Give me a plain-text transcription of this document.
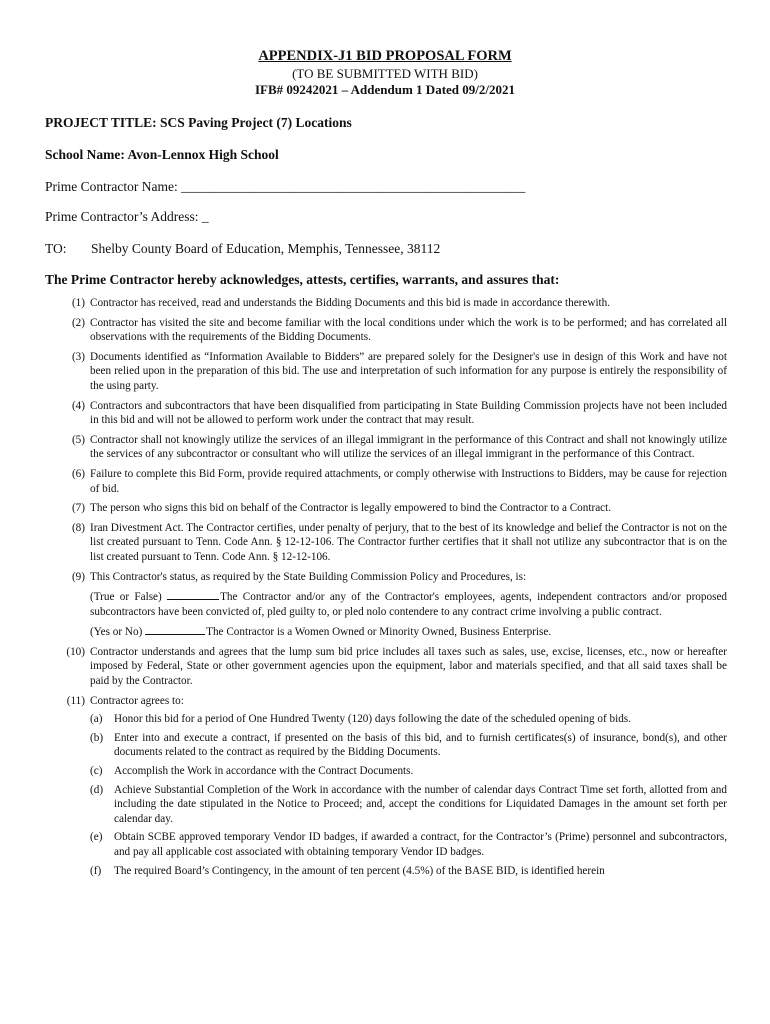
APPENDIX-J1 BID PROPOSAL FORM
(TO BE SUBMITTED WITH BID)
IFB# 09242021 – Addendum 1 Dated 09/2/2021
PROJECT TITLE: SCS Paving Project (7) Locations
School Name: Avon-Lennox High School
Prime Contractor Name: ___________________________________________________
Prime Contractor’s Address: _
TO: Shelby County Board of Education, Memphis, Tennessee, 38112
The Prime Contractor hereby acknowledges, attests, certifies, warrants, and assures that:
(1) Contractor has received, read and understands the Bidding Documents and this bid is made in accordance therewith.
(2) Contractor has visited the site and become familiar with the local conditions under which the work is to be performed; and has correlated all observations with the requirements of the Bidding Documents.
(3) Documents identified as “Information Available to Bidders” are prepared solely for the Designer's use in design of this Work and have not been relied upon in the preparation of this bid. The use and interpretation of such information for any purpose is entirely the responsibility of the using party.
(4) Contractors and subcontractors that have been disqualified from participating in State Building Commission projects have not been included in this bid and will not be allowed to perform work under the contract that may result.
(5) Contractor shall not knowingly utilize the services of an illegal immigrant in the performance of this Contract and shall not knowingly utilize the services of any subcontractor or consultant who will utilize the services of an illegal immigrant in the performance of this Contract.
(6) Failure to complete this Bid Form, provide required attachments, or comply otherwise with Instructions to Bidders, may be cause for rejection of bid.
(7) The person who signs this bid on behalf of the Contractor is legally empowered to bind the Contractor to a Contract.
(8) Iran Divestment Act. The Contractor certifies, under penalty of perjury, that to the best of its knowledge and belief the Contractor is not on the list created pursuant to Tenn. Code Ann. § 12-12-106. The Contractor further certifies that it shall not utilize any subcontractor that is on the list created pursuant to Tenn. Code Ann. § 12-12-106.
(9) This Contractor's status, as required by the State Building Commission Policy and Procedures, is:

(True or False)	The Contractor and/or any of the Contractor's employees, agents, independent contractors and/or proposed subcontractors have been convicted of, pled guilty to, or pled nolo contendere to any contract crime involving a public contract.

(Yes or No)	The Contractor is a Women Owned or Minority Owned, Business Enterprise.

(10) Contractor understands and agrees that the lump sum bid price includes all taxes such as sales, use, excise, licenses, etc., now or hereafter imposed by Federal, State or other government agencies upon the equipment, labor and materials specified, and that all said taxes shall be paid by the Contractor.
(11) Contractor agrees to:
(a) Honor this bid for a period of One Hundred Twenty (120) days following the date of the scheduled opening of bids.
(b) Enter into and execute a contract, if presented on the basis of this bid, and to furnish certificates(s) of insurance, bond(s), and other documents related to the contract as required by the Bidding Documents.
(c) Accomplish the Work in accordance with the Contract Documents.
(d) Achieve Substantial Completion of the Work in accordance with the number of calendar days Contract Time set forth, allotted from and including the date stipulated in the Notice to Proceed; and, accept the conditions for Liquidated Damages in the amount set forth per calendar day.
(e) Obtain SCBE approved temporary Vendor ID badges, if awarded a contract, for the Contractor’s (Prime) personnel and subcontractors, and pay all applicable cost associated with obtaining temporary Vendor ID badges.
(f) The required Board’s Contingency, in the amount of ten percent (4.5%) of the BASE BID, is identified herein
